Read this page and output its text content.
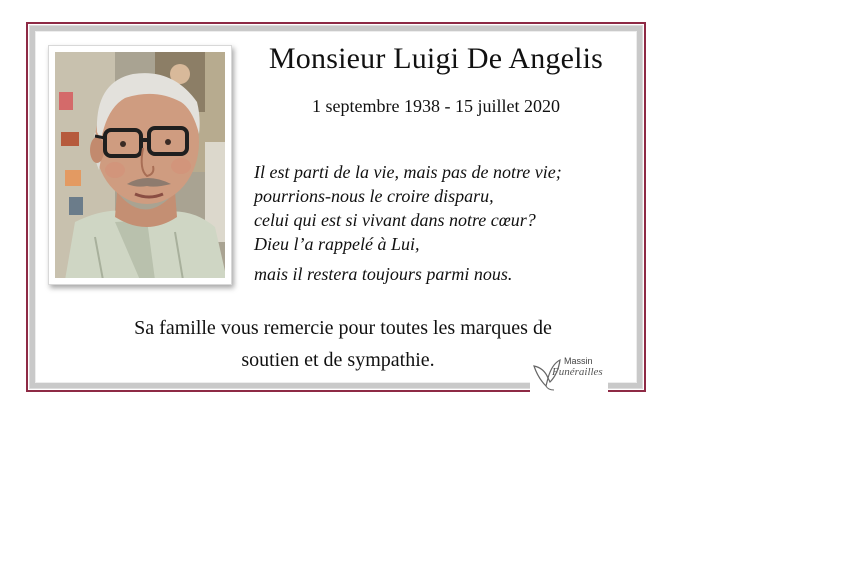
Monsieur Luigi De Angelis
1 septembre 1938 - 15 juillet 2020
Il est parti de la vie, mais pas de notre vie;
pourrions-nous le croire disparu,
celui qui est si vivant dans notre cœur?
Dieu l’a rappelé à Lui,
mais il restera toujours parmi nous.
Sa famille vous remercie pour toutes les marques de
soutien et de sympathie.	Massin
Funérailles
